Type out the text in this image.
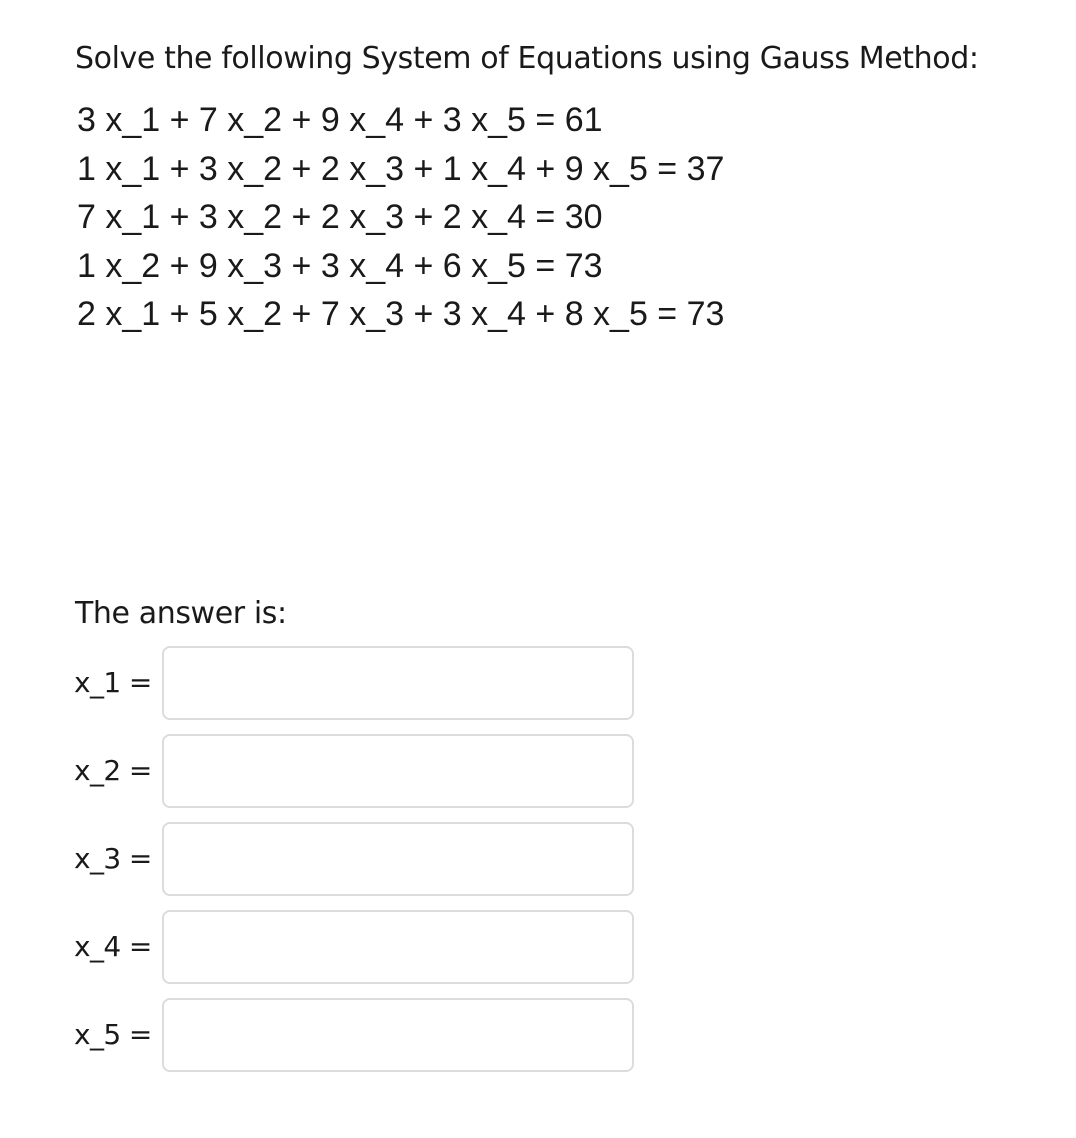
Solve the following System of Equations using Gauss Method:
3 x_1 + 7 x_2 + 9 x_4 + 3 x_5 = 61
1 x_1 + 3 x_2 + 2 x_3 + 1 x_4 + 9 x_5 = 37
7 x_1 + 3 x_2 + 2 x_3 + 2 x_4 = 30
1 x_2 + 9 x_3 + 3 x_4 + 6 x_5 = 73
2 x_1 + 5 x_2 + 7 x_3 + 3 x_4 + 8 x_5 = 73
The answer is:
x_1 =
x_2 =
x_3 =
x_4 =
x_5 =
